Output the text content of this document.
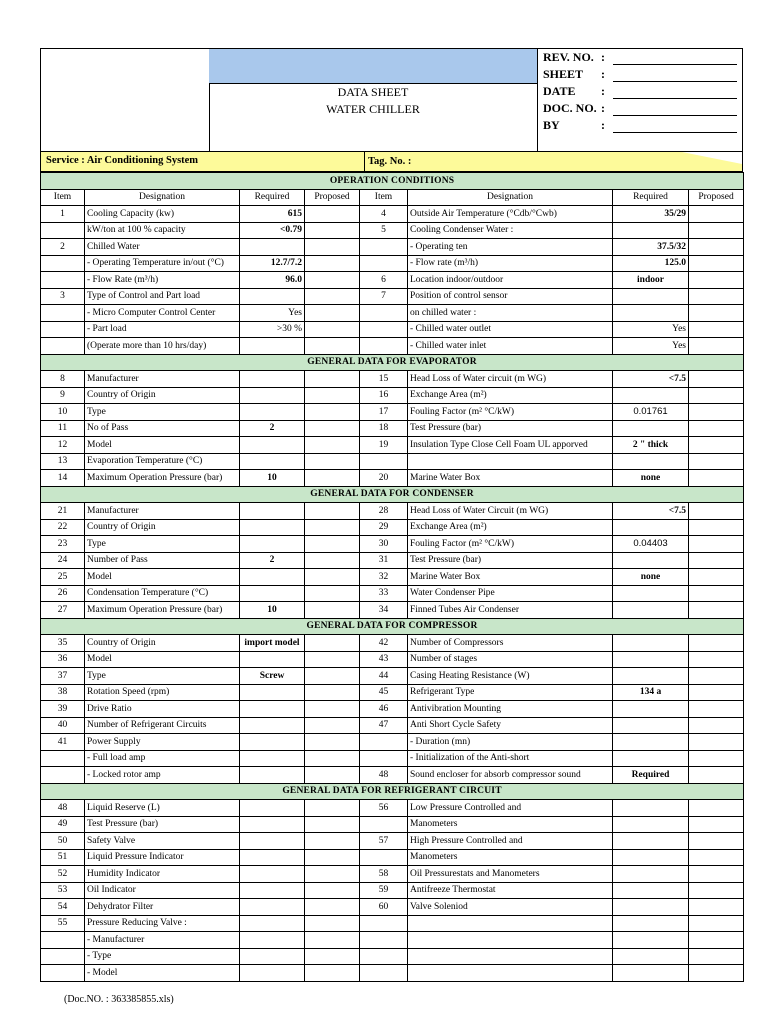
DATA SHEET
WATER CHILLER
REV. NO. :
SHEET	:
DATE	:
DOC. NO. :
BY	:
Service : Air Conditioning System	Tag. No. :
OPERATION CONDITIONS							
Item	Designation	Required	Proposed	Item	Designation	Required	Proposed
1	Cooling Capacity (kw)	615		4	Outside Air Temperature (°Cdb/°Cwb)	35/29	
	kW/ton at 100 % capacity	<0.79		5	Cooling Condenser Water :		
2	Chilled Water				- Operating ten	37.5/32	
	- Operating Temperature in/out (°C)	12.7/7.2			- Flow rate (m³/h)	125.0	
	- Flow Rate (m³/h)	96.0		6	Location indoor/outdoor	indoor	
3	Type of Control and Part load			7	Position of control sensor		
	- Micro Computer Control Center	Yes			on chilled water :		
	- Part load	>30 %			- Chilled water outlet	Yes	
	(Operate more than 10 hrs/day)				- Chilled water inlet	Yes	
GENERAL DATA FOR EVAPORATOR							
8	Manufacturer			15	Head Loss of Water circuit (m WG)	<7.5	
9	Country of Origin			16	Exchange Area (m²)		
10	Type			17	Fouling Factor (m² °C/kW)	0.01761	
11	No of Pass	2		18	Test Pressure (bar)		
12	Model			19	Insulation Type Close Cell Foam UL apporved	2 " thick	
13	Evaporation Temperature (°C)						
14	Maximum Operation Pressure (bar)	10		20	Marine Water Box	none	
GENERAL DATA FOR CONDENSER							
21	Manufacturer			28	Head Loss of Water Circuit (m WG)	<7.5	
22	Country of Origin			29	Exchange Area (m²)		
23	Type			30	Fouling Factor (m² °C/kW)	0.04403	
24	Number of Pass	2		31	Test Pressure (bar)		
25	Model			32	Marine Water Box	none	
26	Condensation Temperature (°C)			33	Water Condenser Pipe		
27	Maximum Operation Pressure (bar)	10		34	Finned Tubes Air Condenser		
GENERAL DATA FOR COMPRESSOR							
35	Country of Origin	import model		42	Number of Compressors		
36	Model			43	Number of stages		
37	Type	Screw		44	Casing Heating Resistance (W)		
38	Rotation Speed (rpm)			45	Refrigerant Type	134 a	
39	Drive Ratio			46	Antivibration Mounting		
40	Number of Refrigerant Circuits			47	Anti Short Cycle Safety		
41	Power Supply				- Duration (mn)		
	- Full load amp				- Initialization of the Anti-short		
	- Locked rotor amp			48	Sound encloser for absorb compressor sound	Required	
GENERAL DATA FOR REFRIGERANT CIRCUIT							
48	Liquid Reserve (L)			56	Low Pressure Controlled and		
49	Test Pressure (bar)				Manometers		
50	Safety Valve			57	High Pressure Controlled and		
51	Liquid Pressure Indicator				Manometers		
52	Humidity Indicator			58	Oil Pressurestats and Manometers		
53	Oil Indicator			59	Antifreeze Thermostat		
54	Dehydrator Filter			60	Valve Soleniod		
55	Pressure Reducing Valve :						
	- Manufacturer						
	- Type						
	- Model						
(Doc.NO. : 363385855.xls)
